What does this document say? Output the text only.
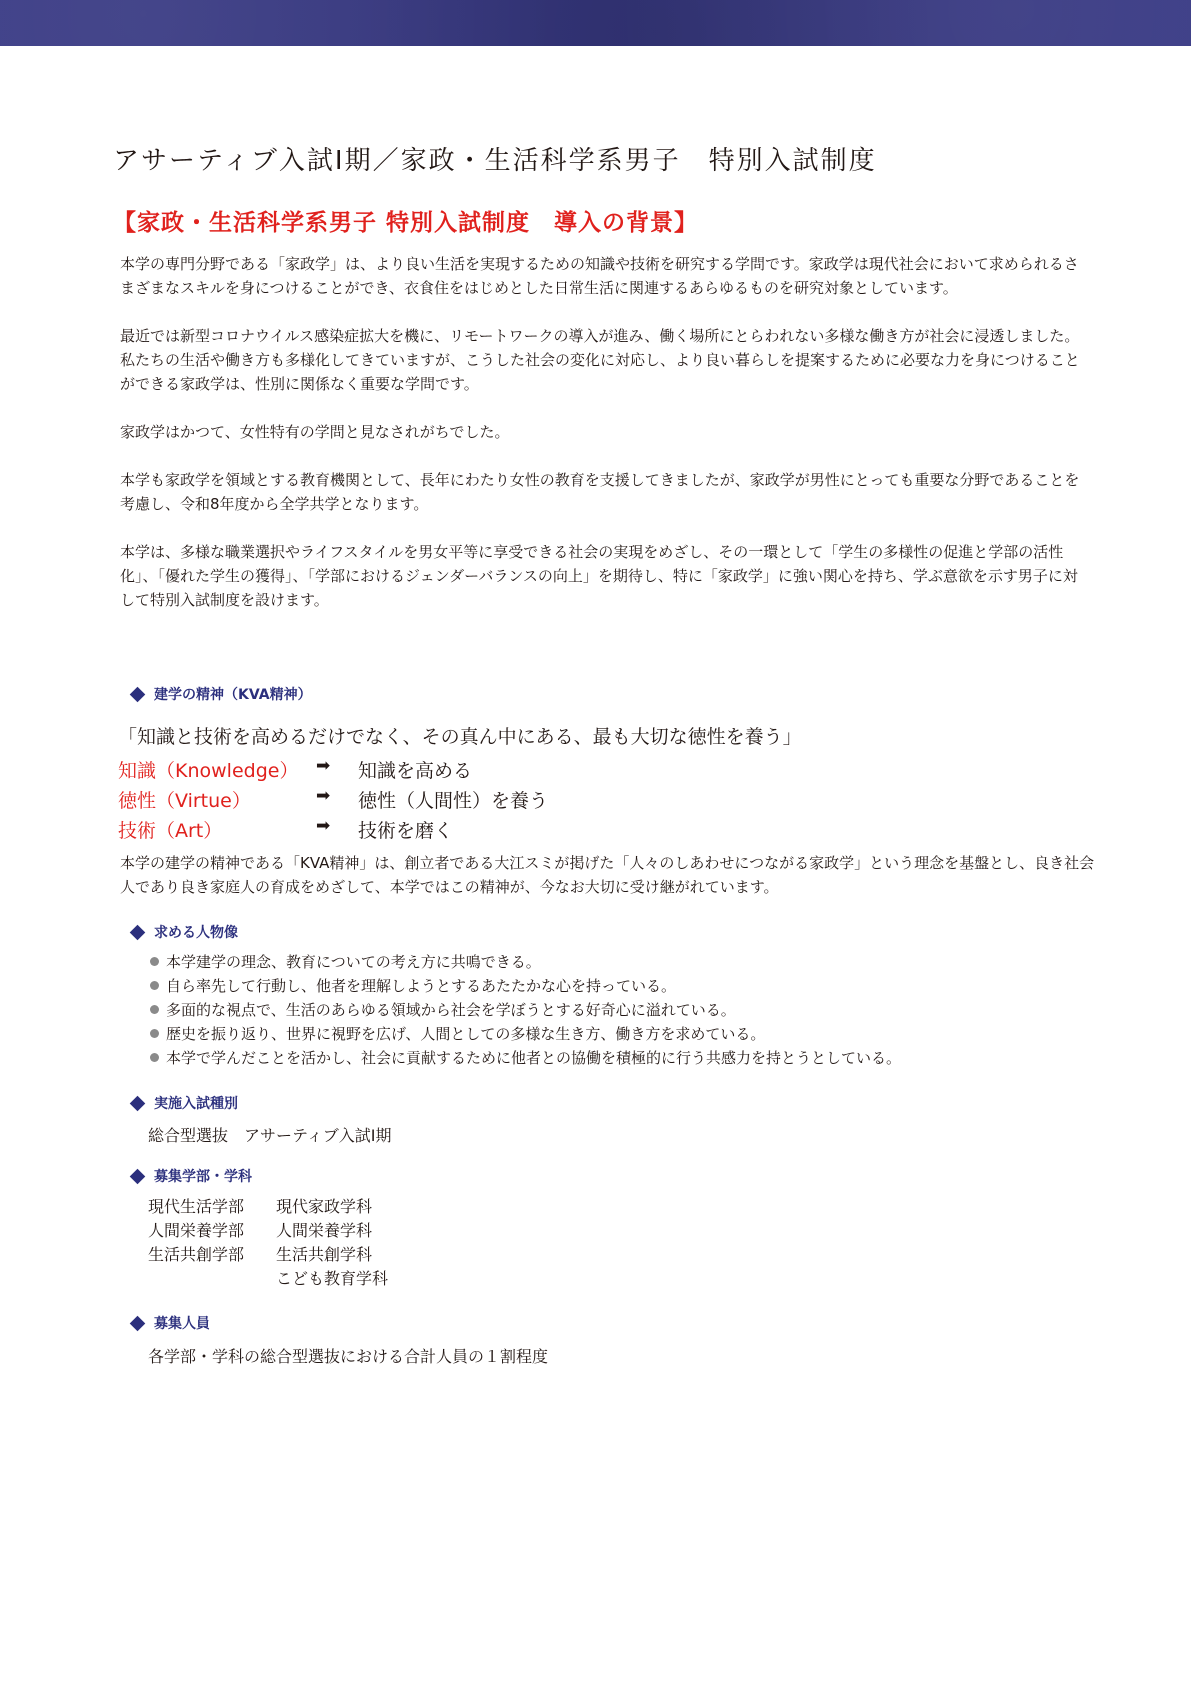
アサーティブ入試Ⅰ期／家政・生活科学系男子　特別入試制度
【家政・生活科学系男子 特別入試制度　導入の背景】

本学の専門分野である「家政学」は、より良い生活を実現するための知識や技術を研究する学問です。家政学は現代社会において求められるさまざまなスキルを身につけることができ、衣食住をはじめとした日常生活に関連するあらゆるものを研究対象としています。

最近では新型コロナウイルス感染症拡大を機に、リモートワークの導入が進み、働く場所にとらわれない多様な働き方が社会に浸透しました。私たちの生活や働き方も多様化してきていますが、こうした社会の変化に対応し、より良い暮らしを提案するために必要な力を身につけることができる家政学は、性別に関係なく重要な学問です。

家政学はかつて、女性特有の学問と見なされがちでした。

本学も家政学を領域とする教育機関として、長年にわたり女性の教育を支援してきましたが、家政学が男性にとっても重要な分野であることを考慮し、令和8年度から全学共学となります。

本学は、多様な職業選択やライフスタイルを男女平等に享受できる社会の実現をめざし、その一環として「学生の多様性の促進と学部の活性化」、「優れた学生の獲得」、「学部におけるジェンダーバランスの向上」を期待し、特に「家政学」に強い関心を持ち、学ぶ意欲を示す男子に対して特別入試制度を設けます。

建学の精神（KVA精神）
「知識と技術を高めるだけでなく、その真ん中にある、最も大切な徳性を養う」
知識（Knowledge） ➡ 知識を高める
徳性（Virtue）	➡ 徳性（人間性）を養う
技術（Art）	➡ 技術を磨く

本学の建学の精神である「KVA精神」は、創立者である大江スミが掲げた「人々のしあわせにつながる家政学」という理念を基盤とし、良き社会人であり良き家庭人の育成をめざして、本学ではこの精神が、今なお大切に受け継がれています。

求める人物像
本学建学の理念、教育についての考え方に共鳴できる。
自ら率先して行動し、他者を理解しようとするあたたかな心を持っている。
多面的な視点で、生活のあらゆる領域から社会を学ぼうとする好奇心に溢れている。
歴史を振り返り、世界に視野を広げ、人間としての多様な生き方、働き方を求めている。
本学で学んだことを活かし、社会に貢献するために他者との協働を積極的に行う共感力を持とうとしている。
実施入試種別
総合型選抜　アサーティブ入試Ⅰ期
募集学部・学科
現代生活学部 現代家政学科
人間栄養学部 人間栄養学科
生活共創学部 生活共創学科
こども教育学科
募集人員
各学部・学科の総合型選抜における合計人員の１割程度
